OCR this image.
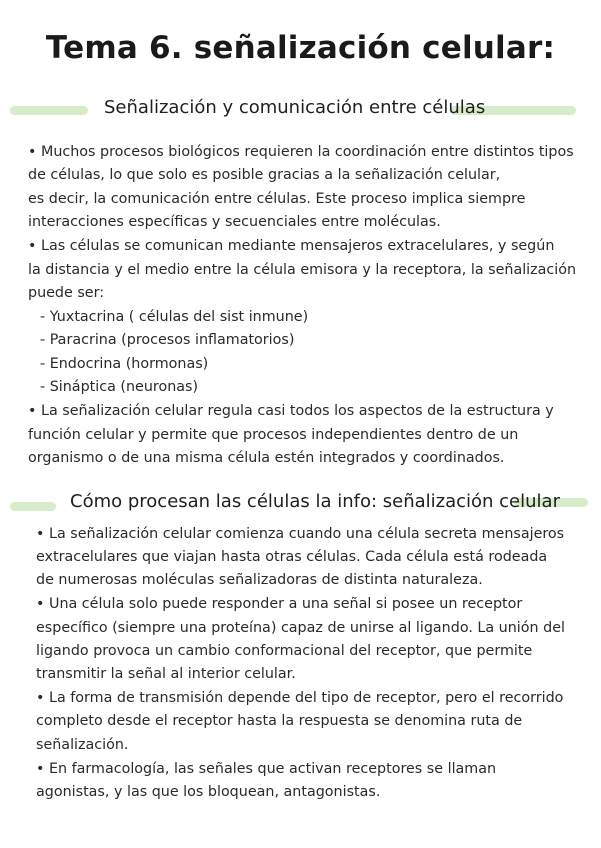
Tema 6. señalización celular:
Señalización y comunicación entre células
• Muchos procesos biológicos requieren la coordinación entre distintos tipos
de células, lo que solo es posible gracias a la señalización celular,
es decir, la comunicación entre células. Este proceso implica siempre
interacciones específicas y secuenciales entre moléculas.
• Las células se comunican mediante mensajeros extracelulares, y según
la distancia y el medio entre la célula emisora y la receptora, la señalización
puede ser:
- Yuxtacrina ( células del sist inmune)
- Paracrina (procesos inflamatorios)
- Endocrina (hormonas)
- Sináptica (neuronas)
• La señalización celular regula casi todos los aspectos de la estructura y
función celular y permite que procesos independientes dentro de un
organismo o de una misma célula estén integrados y coordinados.
Cómo procesan las células la info: señalización celular
• La señalización celular comienza cuando una célula secreta mensajeros
extracelulares que viajan hasta otras células. Cada célula está rodeada
de numerosas moléculas señalizadoras de distinta naturaleza.
• Una célula solo puede responder a una señal si posee un receptor
específico (siempre una proteína) capaz de unirse al ligando. La unión del
ligando provoca un cambio conformacional del receptor, que permite
transmitir la señal al interior celular.
• La forma de transmisión depende del tipo de receptor, pero el recorrido
completo desde el receptor hasta la respuesta se denomina ruta de
señalización.
• En farmacología, las señales que activan receptores se llaman
agonistas, y las que los bloquean, antagonistas.
